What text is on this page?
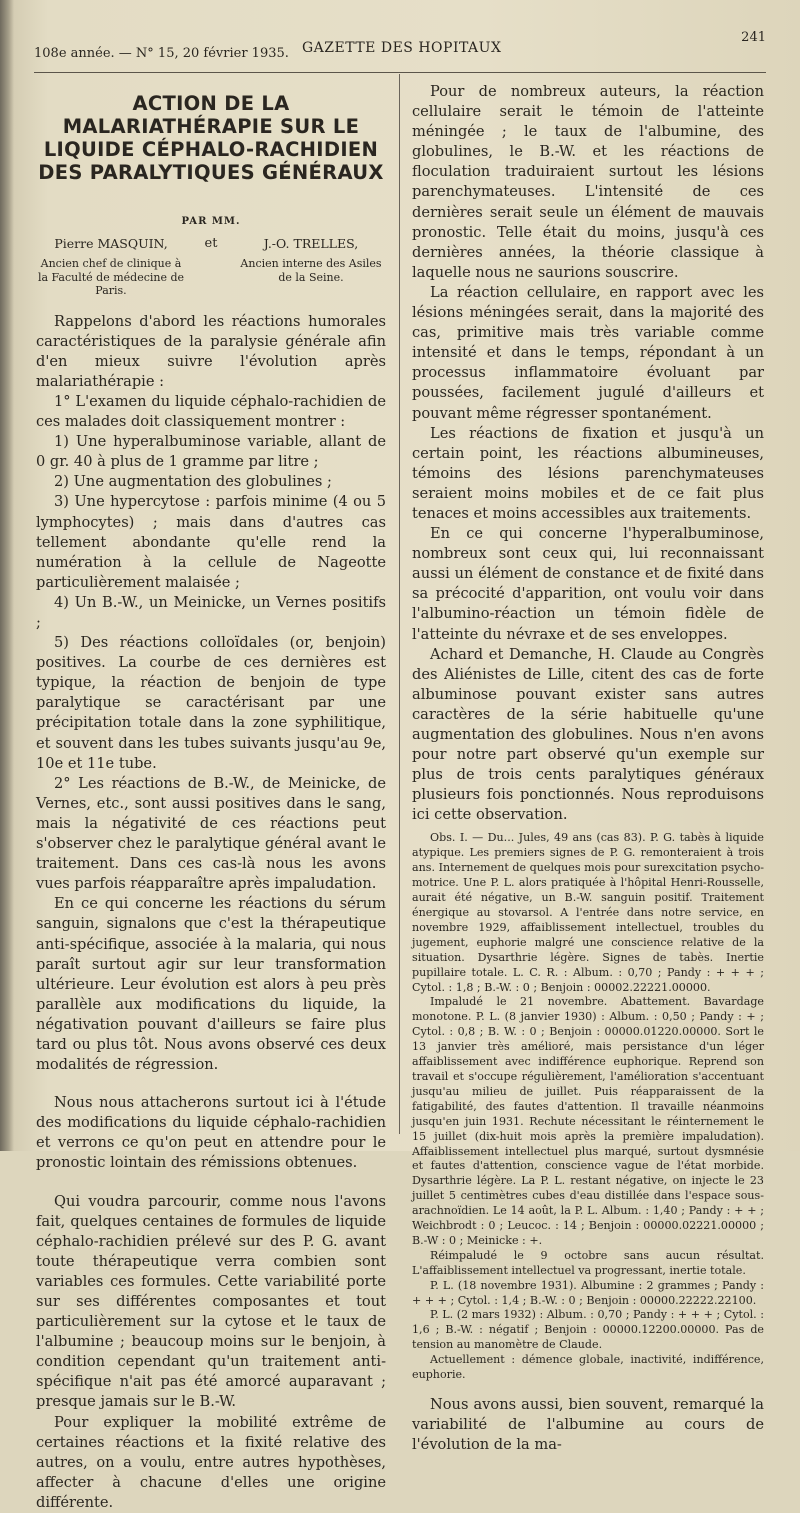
108e année. — N° 15, 20 février 1935. GAZETTE DES HOPITAUX
241
ACTION DE LA MALARIATHÉRAPIE SUR LE LIQUIDE CÉPHALO-RACHIDIEN DES PARALYTIQUES GÉNÉRAUX
PAR MM.
Pierre MASQUIN,
Ancien chef de clinique à la Faculté de médecine de Paris.
et	J.-O. TRELLES,
Ancien interne des Asiles de la Seine.

Rappelons d'abord les réactions humorales caractéristiques de la paralysie générale afin d'en mieux suivre l'évolution après malariathérapie :

1° L'examen du liquide céphalo-rachidien de ces malades doit classiquement montrer :

1) Une hyperalbuminose variable, allant de 0 gr. 40 à plus de 1 gramme par litre ;

2) Une augmentation des globulines ;

3) Une hypercytose : parfois minime (4 ou 5 lymphocytes) ; mais dans d'autres cas tellement abondante qu'elle rend la numération à la cellule de Nageotte particulièrement malaisée ;

4) Un B.-W., un Meinicke, un Vernes positifs ;

5) Des réactions colloïdales (or, benjoin) positives. La courbe de ces dernières est typique, la réaction de benjoin de type paralytique se caractérisant par une précipitation totale dans la zone syphilitique, et souvent dans les tubes suivants jusqu'au 9e, 10e et 11e tube.

2° Les réactions de B.-W., de Meinicke, de Vernes, etc., sont aussi positives dans le sang, mais la négativité de ces réactions peut s'observer chez le paralytique général avant le traitement. Dans ces cas-là nous les avons vues parfois réapparaître après impaludation.

En ce qui concerne les réactions du sérum sanguin, signalons que c'est la thérapeutique anti-spécifique, associée à la malaria, qui nous paraît surtout agir sur leur transformation ultérieure. Leur évolution est alors à peu près parallèle aux modifications du liquide, la négativation pouvant d'ailleurs se faire plus tard ou plus tôt. Nous avons observé ces deux modalités de régression.

Nous nous attacherons surtout ici à l'étude des modifications du liquide céphalo-rachidien et verrons ce qu'on peut en attendre pour le pronostic lointain des rémissions obtenues.

Qui voudra parcourir, comme nous l'avons fait, quelques centaines de formules de liquide céphalo-rachidien prélevé sur des P. G. avant toute thérapeutique verra combien sont variables ces formules. Cette variabilité porte sur ses différentes composantes et tout particulièrement sur la cytose et le taux de l'albumine ; beaucoup moins sur le benjoin, à condition cependant qu'un traitement anti-spécifique n'ait pas été amorcé auparavant ; presque jamais sur le B.-W.

Pour expliquer la mobilité extrême de certaines réactions et la fixité relative des autres, on a voulu, entre autres hypothèses, affecter à chacune d'elles une origine différente.

Pour de nombreux auteurs, la réaction cellulaire serait le témoin de l'atteinte méningée ; le taux de l'albumine, des globulines, le B.-W. et les réactions de floculation traduiraient surtout les lésions parenchymateuses. L'intensité de ces dernières serait seule un élément de mauvais pronostic. Telle était du moins, jusqu'à ces dernières années, la théorie classique à laquelle nous ne saurions souscrire.

La réaction cellulaire, en rapport avec les lésions méningées serait, dans la majorité des cas, primitive mais très variable comme intensité et dans le temps, répondant à un processus inflammatoire évoluant par poussées, facilement jugulé d'ailleurs et pouvant même régresser spontanément.

Les réactions de fixation et jusqu'à un certain point, les réactions albumineuses, témoins des lésions parenchymateuses seraient moins mobiles et de ce fait plus tenaces et moins accessibles aux traitements.

En ce qui concerne l'hyperalbuminose, nombreux sont ceux qui, lui reconnaissant aussi un élément de constance et de fixité dans sa précocité d'apparition, ont voulu voir dans l'albumino-réaction un témoin fidèle de l'atteinte du névraxe et de ses enveloppes.

Achard et Demanche, H. Claude au Congrès des Aliénistes de Lille, citent des cas de forte albuminose pouvant exister sans autres caractères de la série habituelle qu'une augmentation des globulines. Nous n'en avons pour notre part observé qu'un exemple sur plus de trois cents paralytiques généraux plusieurs fois ponctionnés. Nous reproduisons ici cette observation.

Obs. I. — Du... Jules, 49 ans (cas 83). P. G. tabès à liquide atypique. Les premiers signes de P. G. remonteraient à trois ans. Internement de quelques mois pour surexcitation psycho-motrice. Une P. L. alors pratiquée à l'hôpital Henri-Rousselle, aurait été négative, un B.-W. sanguin positif. Traitement énergique au stovarsol. A l'entrée dans notre service, en novembre 1929, affaiblissement intellectuel, troubles du jugement, euphorie malgré une conscience relative de la situation. Dysarthrie légère. Signes de tabès. Inertie pupillaire totale. L. C. R. : Album. : 0,70 ; Pandy : + + + ; Cytol. : 1,8 ; B.-W. : 0 ; Benjoin : 00002.22221.00000.

Impaludé le 21 novembre. Abattement. Bavardage monotone. P. L. (8 janvier 1930) : Album. : 0,50 ; Pandy : + ; Cytol. : 0,8 ; B. W. : 0 ; Benjoin : 00000.01220.00000. Sort le 13 janvier très amélioré, mais persistance d'un léger affaiblissement avec indifférence euphorique. Reprend son travail et s'occupe régulièrement, l'amélioration s'accentuant jusqu'au milieu de juillet. Puis réapparaissent de la fatigabilité, des fautes d'attention. Il travaille néanmoins jusqu'en juin 1931. Rechute nécessitant le réinternement le 15 juillet (dix-huit mois après la première impaludation). Affaiblissement intellectuel plus marqué, surtout dysmnésie et fautes d'attention, conscience vague de l'état morbide. Dysarthrie légère. La P. L. restant négative, on injecte le 23 juillet 5 centimètres cubes d'eau distillée dans l'espace sous-arachnoïdien. Le 14 août, la P. L. Album. : 1,40 ; Pandy : + + ; Weichbrodt : 0 ; Leucoc. : 14 ; Benjoin : 00000.02221.00000 ; B.-W : 0 ; Meinicke : +.

Réimpaludé le 9 octobre sans aucun résultat. L'affaiblissement intellectuel va progressant, inertie totale.

P. L. (18 novembre 1931). Albumine : 2 grammes ; Pandy : + + + ; Cytol. : 1,4 ; B.-W. : 0 ; Benjoin : 00000.22222.22100.

P. L. (2 mars 1932) : Album. : 0,70 ; Pandy : + + + ; Cytol. : 1,6 ; B.-W. : négatif ; Benjoin : 00000.12200.00000. Pas de tension au manomètre de Claude.

Actuellement : démence globale, inactivité, indifférence, euphorie.

Nous avons aussi, bien souvent, remarqué la variabilité de l'albumine au cours de l'évolution de la ma-
